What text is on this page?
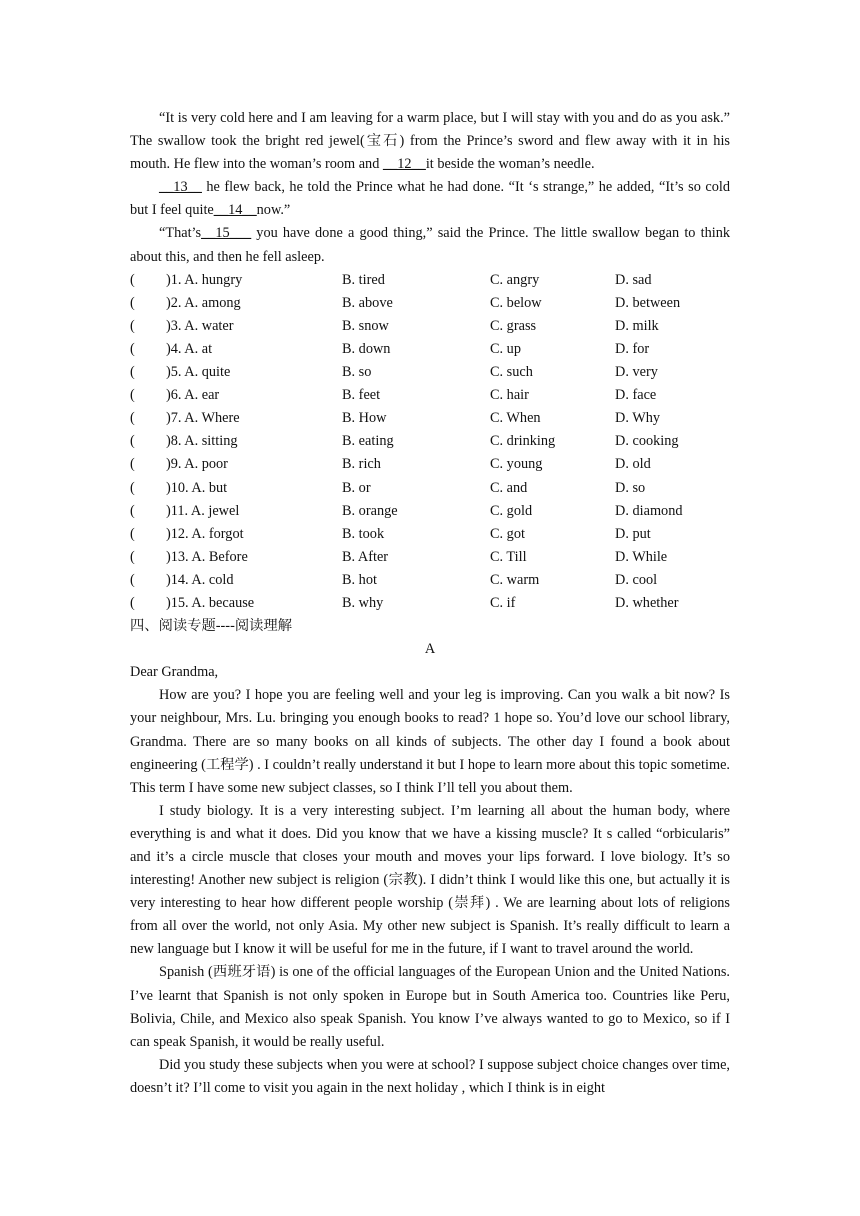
“It is very cold here and I am leaving for a warm place, but I will stay with you and do as you ask.” The swallow took the bright red jewel(宝石) from the Prince’s sword and flew away with it in his mouth. He flew into the woman’s room and __12__it beside the woman’s needle.

__13__ he flew back, he told the Prince what he had done. “It ‘s strange,” he added, “It’s so cold but I feel quite__14__now.”

“That’s__15___ you have done a good thing,” said the Prince. The little swallow began to think about this, and then he fell asleep.

( )1. A. hungry	B. tired	C. angry	D. sad
( )2. A. among	B. above	C. below	D. between
( )3. A. water	B. snow	C. grass	D. milk
( )4. A. at	B. down	C. up	D. for
( )5. A. quite	B. so	C. such	D. very
( )6. A. ear	B. feet	C. hair	D. face
( )7. A. Where	B. How	C. When	D. Why
( )8. A. sitting	B. eating	C. drinking	D. cooking
( )9. A. poor	B. rich	C. young	D. old
( )10. A. but	B. or	C. and	D. so
( )11. A. jewel	B. orange	C. gold	D. diamond
( )12. A. forgot	B. took	C. got	D. put
( )13. A. Before	B. After	C. Till	D. While
( )14. A. cold	B. hot	C. warm	D. cool
( )15. A. because	B. why	C. if	D. whether
四、阅读专题----阅读理解
A

Dear Grandma,

How are you? I hope you are feeling well and your leg is improving. Can you walk a bit now? Is your neighbour, Mrs. Lu. bringing you enough books to read? 1 hope so. You’d love our school library, Grandma. There are so many books on all kinds of subjects. The other day I found a book about engineering (工程学) . I couldn’t really understand it but I hope to learn more about this topic sometime. This term I have some new subject classes, so I think I’ll tell you about them.

I study biology. It is a very interesting subject. I’m learning all about the human body, where everything is and what it does. Did you know that we have a kissing muscle? It s called “orbicularis” and it’s a circle muscle that closes your mouth and moves your lips forward. I love biology. It’s so interesting! Another new subject is religion (宗教). I didn’t think I would like this one, but actually it is very interesting to hear how different people worship (崇拜) . We are learning about lots of religions from all over the world, not only Asia. My other new subject is Spanish. It’s really difficult to learn a new language but I know it will be useful for me in the future, if I want to travel around the world.

Spanish (西班牙语) is one of the official languages of the European Union and the United Nations. I’ve learnt that Spanish is not only spoken in Europe but in South America too. Countries like Peru, Bolivia, Chile, and Mexico also speak Spanish. You know I’ve always wanted to go to Mexico, so if I can speak Spanish, it would be really useful.

Did you study these subjects when you were at school? I suppose subject choice changes over time, doesn’t it? I’ll come to visit you again in the next holiday , which I think is in eight
